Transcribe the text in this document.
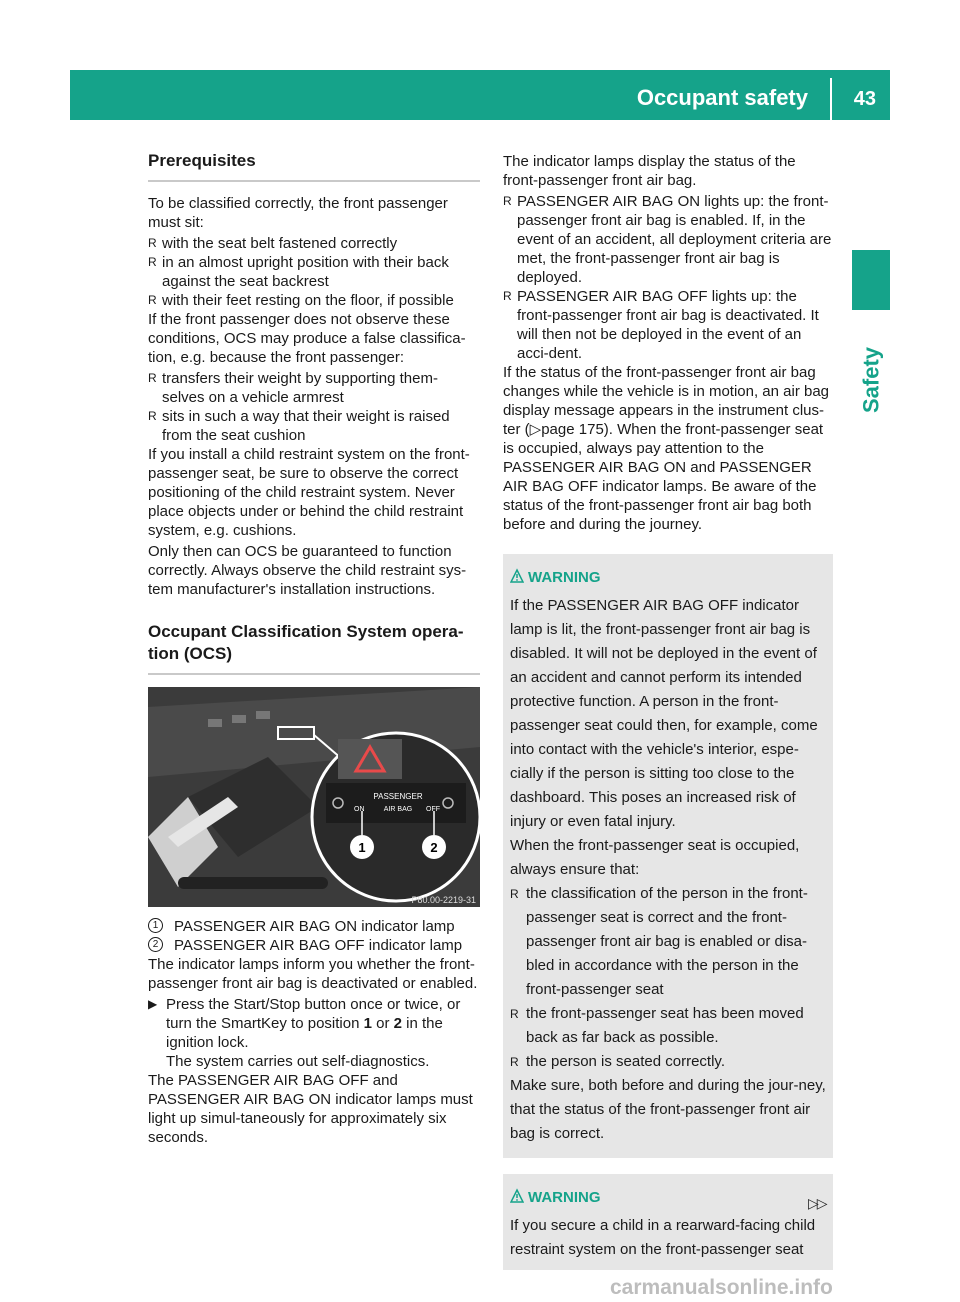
Occupant safety	43
Safety
Prerequisites

To be classified correctly, the front passenger must sit:

R with the seat belt fastened correctly
R in an almost upright position with their back against the seat backrest
R with their feet resting on the floor, if possible

If the front passenger does not observe these conditions, OCS may produce a false classifica-tion, e.g. because the front passenger:

R transfers their weight by supporting them-selves on a vehicle armrest
R sits in such a way that their weight is raised from the seat cushion

If you install a child restraint system on the front-passenger seat, be sure to observe the correct positioning of the child restraint system. Never place objects under or behind the child restraint system, e.g. cushions.

Only then can OCS be guaranteed to function correctly. Always observe the child restraint sys-tem manufacturer's installation instructions.

Occupant Classification System opera-tion (OCS)
PASSENGER
AIR BAG
ON	OFF
1	2
P80.00-2219-31
1	PASSENGER AIR BAG ON indicator lamp
2	PASSENGER AIR BAG OFF indicator lamp

The indicator lamps inform you whether the front-passenger front air bag is deactivated or enabled.

▶ Press the Start/Stop button once or twice, or turn the SmartKey to position 1 or 2 in the ignition lock.
The system carries out self-diagnostics.

The PASSENGER AIR BAG OFF and PASSENGER AIR BAG ON indicator lamps must light up simul-taneously for approximately six seconds.

The indicator lamps display the status of the front-passenger front air bag.

R PASSENGER AIR BAG ON lights up: the front-passenger front air bag is enabled. If, in the event of an accident, all deployment criteria are met, the front-passenger front air bag is deployed.
R PASSENGER AIR BAG OFF lights up: the front-passenger front air bag is deactivated. It will then not be deployed in the event of an acci-dent.

If the status of the front-passenger front air bag changes while the vehicle is in motion, an air bag display message appears in the instrument clus-ter (▷page 175). When the front-passenger seat is occupied, always pay attention to the PASSENGER AIR BAG ON and PASSENGER AIR BAG OFF indicator lamps. Be aware of the status of the front-passenger front air bag both before and during the journey.

WARNING

If the PASSENGER AIR BAG OFF indicator lamp is lit, the front-passenger front air bag is disabled. It will not be deployed in the event of an accident and cannot perform its intended protective function. A person in the front-passenger seat could then, for example, come into contact with the vehicle's interior, espe-cially if the person is sitting too close to the dashboard. This poses an increased risk of injury or even fatal injury.

When the front-passenger seat is occupied, always ensure that:

R the classification of the person in the front-passenger seat is correct and the front-passenger front air bag is enabled or disa-bled in accordance with the person in the front-passenger seat
R the front-passenger seat has been moved back as far back as possible.
R the person is seated correctly.

Make sure, both before and during the jour-ney, that the status of the front-passenger front air bag is correct.

WARNING

If you secure a child in a rearward-facing child restraint system on the front-passenger seat

▷▷
carmanualsonline.info
